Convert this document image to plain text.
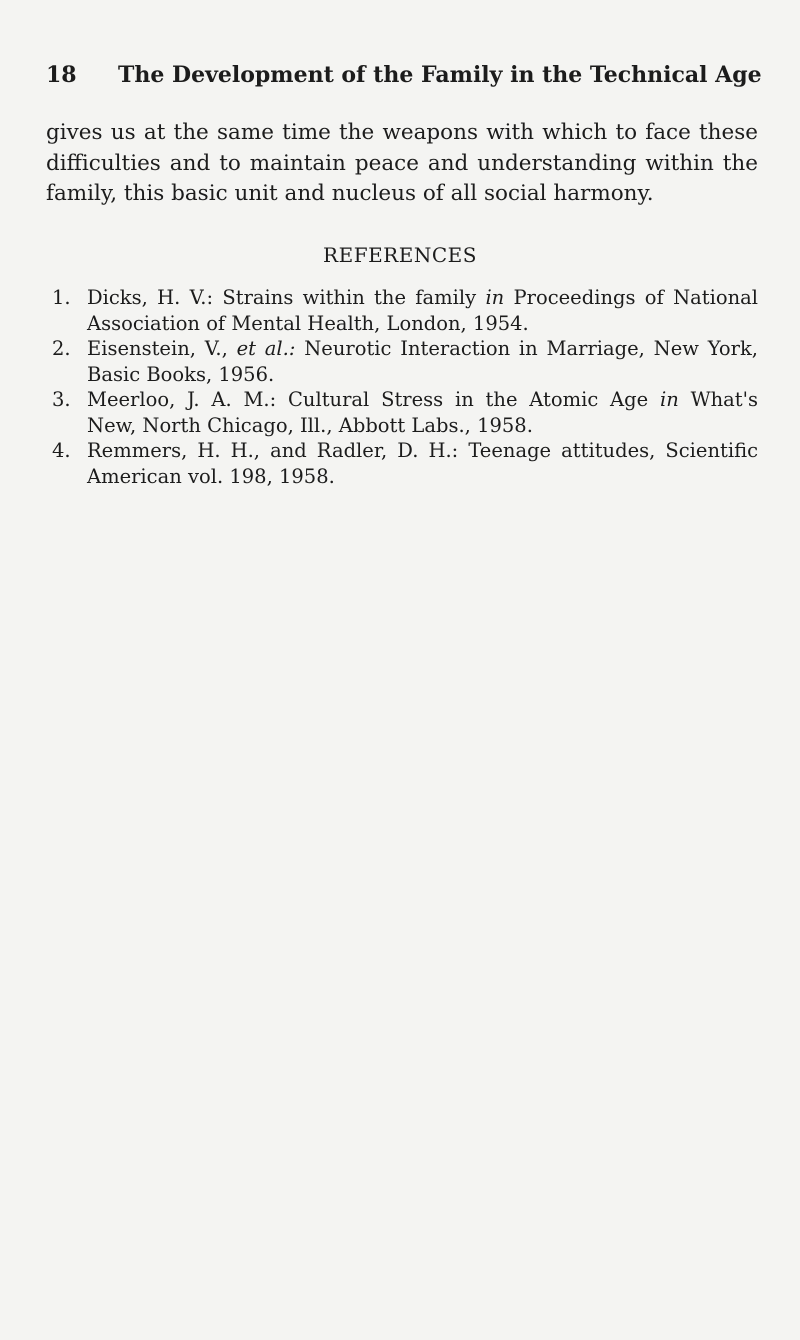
18 The Development of the Family in the Technical Age

gives us at the same time the weapons with which to face these
difficulties and to maintain peace and understanding within the
family, this basic unit and nucleus of all social harmony.

REFERENCES
1. Dicks, H. V.: Strains within the family in Proceedings of National
Association of Mental Health, London, 1954.
2. Eisenstein, V., et al.: Neurotic Interaction in Marriage, New York,
Basic Books, 1956.
3. Meerloo, J. A. M.: Cultural Stress in the Atomic Age in What's
New, North Chicago, Ill., Abbott Labs., 1958.
4. Remmers, H. H., and Radler, D. H.: Teenage attitudes, Scientific
American vol. 198, 1958.
